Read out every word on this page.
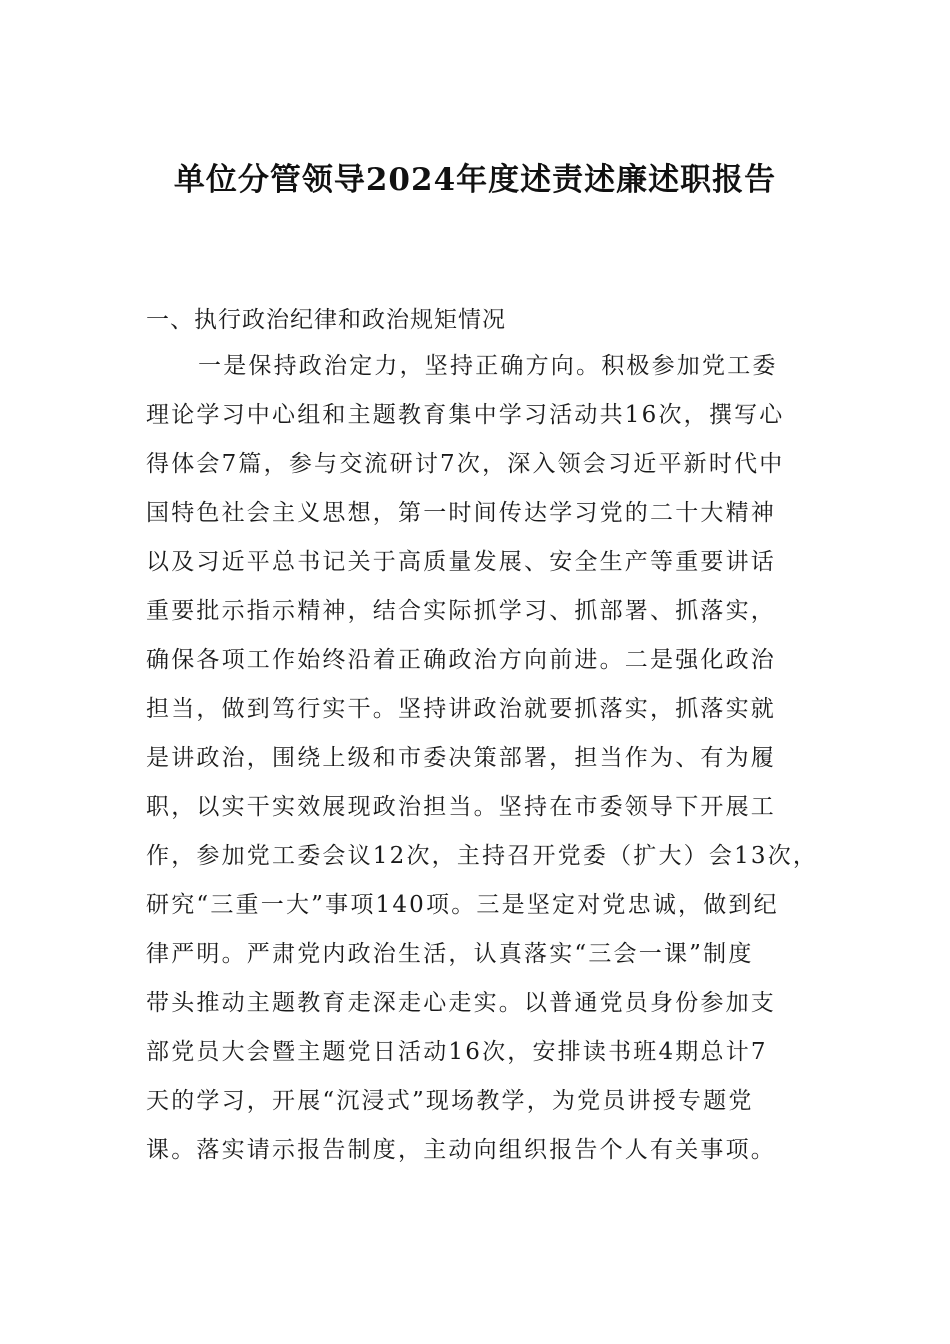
单位分管领导2024年度述责述廉述职报告

一、执行政治纪律和政治规矩情况

一是保持政治定力，坚持正确方向。积极参加党工委
理论学习中心组和主题教育集中学习活动共16次，撰写心
得体会7篇，参与交流研讨7次，深入领会习近平新时代中
国特色社会主义思想，第一时间传达学习党的二十大精神
以及习近平总书记关于高质量发展、安全生产等重要讲话
重要批示指示精神，结合实际抓学习、抓部署、抓落实，
确保各项工作始终沿着正确政治方向前进。二是强化政治
担当，做到笃行实干。坚持讲政治就要抓落实，抓落实就
是讲政治，围绕上级和市委决策部署，担当作为、有为履
职，以实干实效展现政治担当。坚持在市委领导下开展工
作，参加党工委会议12次，主持召开党委（扩大）会13次，
研究“三重一大”事项140项。三是坚定对党忠诚，做到纪
律严明。严肃党内政治生活，认真落实“三会一课”制度
带头推动主题教育走深走心走实。以普通党员身份参加支
部党员大会暨主题党日活动16次，安排读书班4期总计7
天的学习，开展“沉浸式”现场教学，为党员讲授专题党
课。落实请示报告制度，主动向组织报告个人有关事项。
